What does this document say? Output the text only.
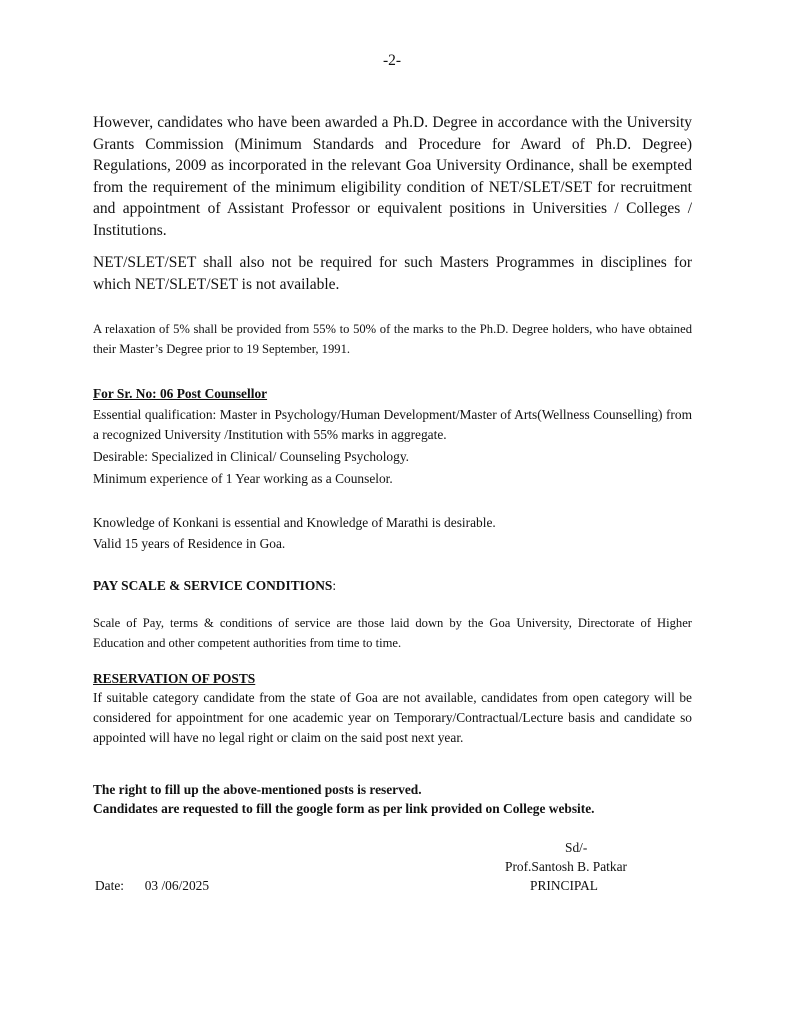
-2-

However, candidates who have been awarded a Ph.D. Degree in accordance with the University Grants Commission (Minimum Standards and Procedure for Award of Ph.D. Degree) Regulations, 2009 as incorporated in the relevant Goa University Ordinance, shall be exempted from the requirement of the minimum eligibility condition of NET/SLET/SET for recruitment and appointment of Assistant Professor or equivalent positions in Universities / Colleges / Institutions.

NET/SLET/SET shall also not be required for such Masters Programmes in disciplines for which NET/SLET/SET is not available.

A relaxation of 5% shall be provided from 55% to 50% of the marks to the Ph.D. Degree holders, who have obtained their Master’s Degree prior to 19 September, 1991.

For Sr. No: 06 Post Counsellor

Essential qualification: Master in Psychology/Human Development/Master of Arts(Wellness Counselling) from a recognized University /Institution with 55% marks in aggregate.

Desirable: Specialized in Clinical/ Counseling Psychology.
Minimum experience of 1 Year working as a Counselor.
Knowledge of Konkani is essential and Knowledge of Marathi is desirable.
Valid 15 years of Residence in Goa.
PAY SCALE & SERVICE CONDITIONS:

Scale of Pay, terms & conditions of service are those laid down by the Goa University, Directorate of Higher Education and other competent authorities from time to time.

RESERVATION OF POSTS

If suitable category candidate from the state of Goa are not available, candidates from open category will be considered for appointment for one academic year on Temporary/Contractual/Lecture basis and candidate so appointed will have no legal right or claim on the said post next year.

The right to fill up the above-mentioned posts is reserved.
Candidates are requested to fill the google form as per link provided on College website.
Sd/-
Prof.Santosh B. Patkar
PRINCIPAL
Date: 03 /06/2025
